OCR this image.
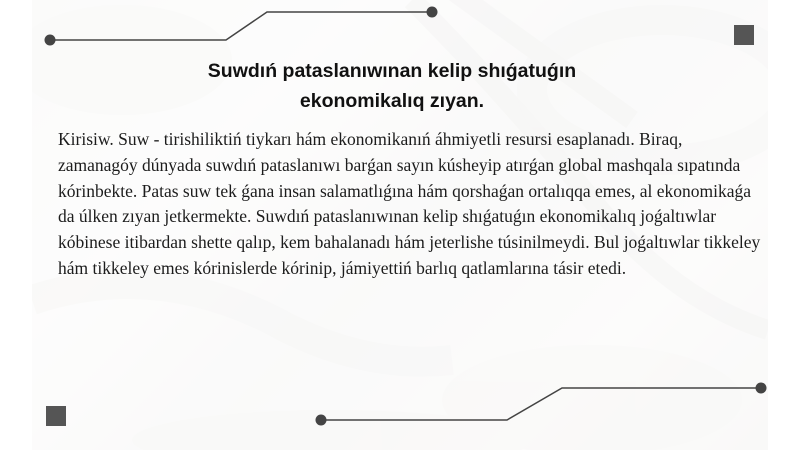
Suwdıń pataslanıwınan kelip shıǵatuǵın
ekonomikalıq zıyan.

Kirisiw. Suw - tirishiliktiń tiykarı hám ekonomikanıń áhmiyetli resursi esaplanadı. Biraq, zamanagóy dúnyada suwdıń pataslanıwı barǵan sayın kúsheyip atırǵan global mashqala sıpatında kórinbekte. Patas suw tek ǵana insan salamatlıǵına hám qorshaǵan ortalıqqa emes, al ekonomikaǵa da úlken zıyan jetkermekte. Suwdıń pataslanıwınan kelip shıǵatuǵın ekonomikalıq joǵaltıwlar kóbinese itibardan shette qalıp, kem bahalanadı hám jeterlishe túsinilmeydi. Bul joǵaltıwlar tikkeley hám tikkeley emes kórinislerde kórinip, jámiyettiń barlıq qatlamlarına tásir etedi.
